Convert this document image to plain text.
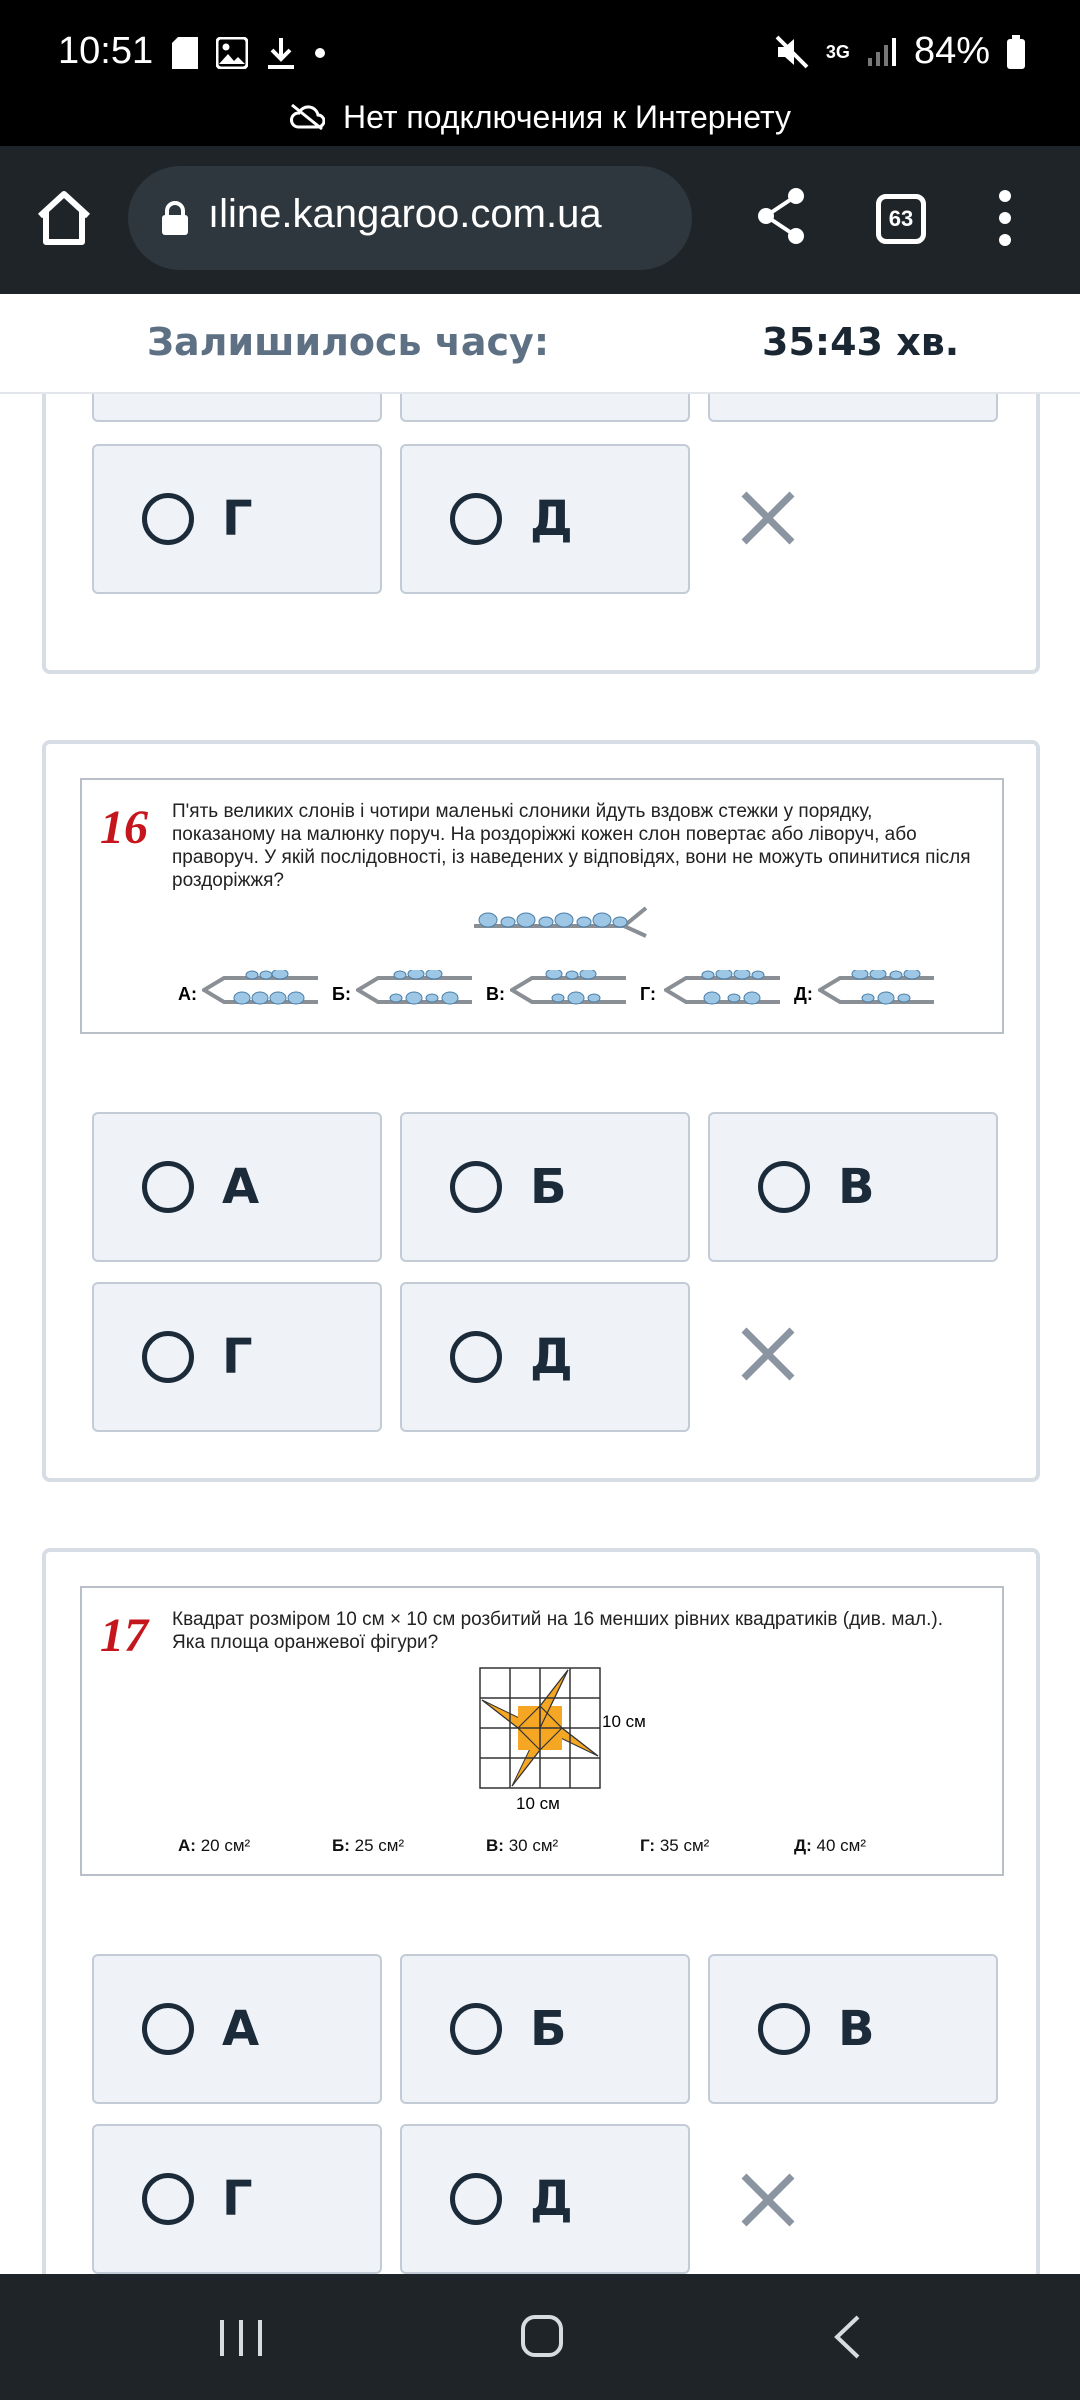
10:51	3G 84%
Нет подключения к Интернету
ıline.kangaroo.com.ua	63
Залишилось часу:	35:43 хв.
Г	Д
16 П'ять великих слонів і чотири маленькі слоники йдуть вздовж стежки у порядку, показаному на малюнку поруч. На роздоріжжі кожен слон повертає або ліворуч, або праворуч. У якій послідовності, із наведених у відповідях, вони не можуть опинитися після роздоріжжя?

А:	Б:	В:	Г:	Д:
А	Б	В
Г	Д
17 Квадрат розміром 10 см × 10 см розбитий на 16 менших рівних квадратиків (див. мал.). Яка площа оранжевої фігури?

10 см
10 см
А: 20 см²	Б: 25 см²	В: 30 см²	Г: 35 см²	Д: 40 см²
А	Б	В
Г	Д
